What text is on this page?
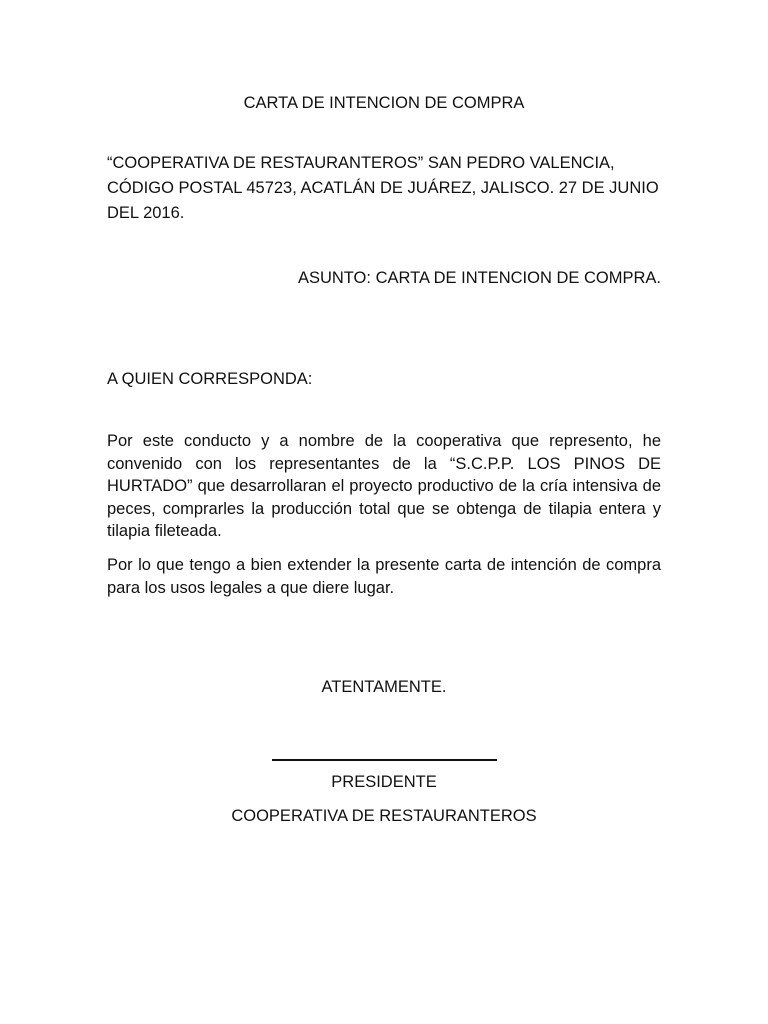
CARTA DE INTENCION DE COMPRA
“COOPERATIVA DE RESTAURANTEROS” SAN PEDRO VALENCIA, CÓDIGO POSTAL 45723, ACATLÁN DE JUÁREZ, JALISCO. 27 DE JUNIO DEL 2016.
ASUNTO: CARTA DE INTENCION DE COMPRA.
A QUIEN CORRESPONDA:

Por este conducto y a nombre de la cooperativa que represento, he convenido con los representantes de la “S.C.P.P. LOS PINOS DE HURTADO” que desarrollaran el proyecto productivo de la cría intensiva de peces, comprarles la producción total que se obtenga de tilapia entera y tilapia fileteada.

Por lo que tengo a bien extender la presente carta de intención de compra para los usos legales a que diere lugar.

ATENTAMENTE.
PRESIDENTE
COOPERATIVA DE RESTAURANTEROS
